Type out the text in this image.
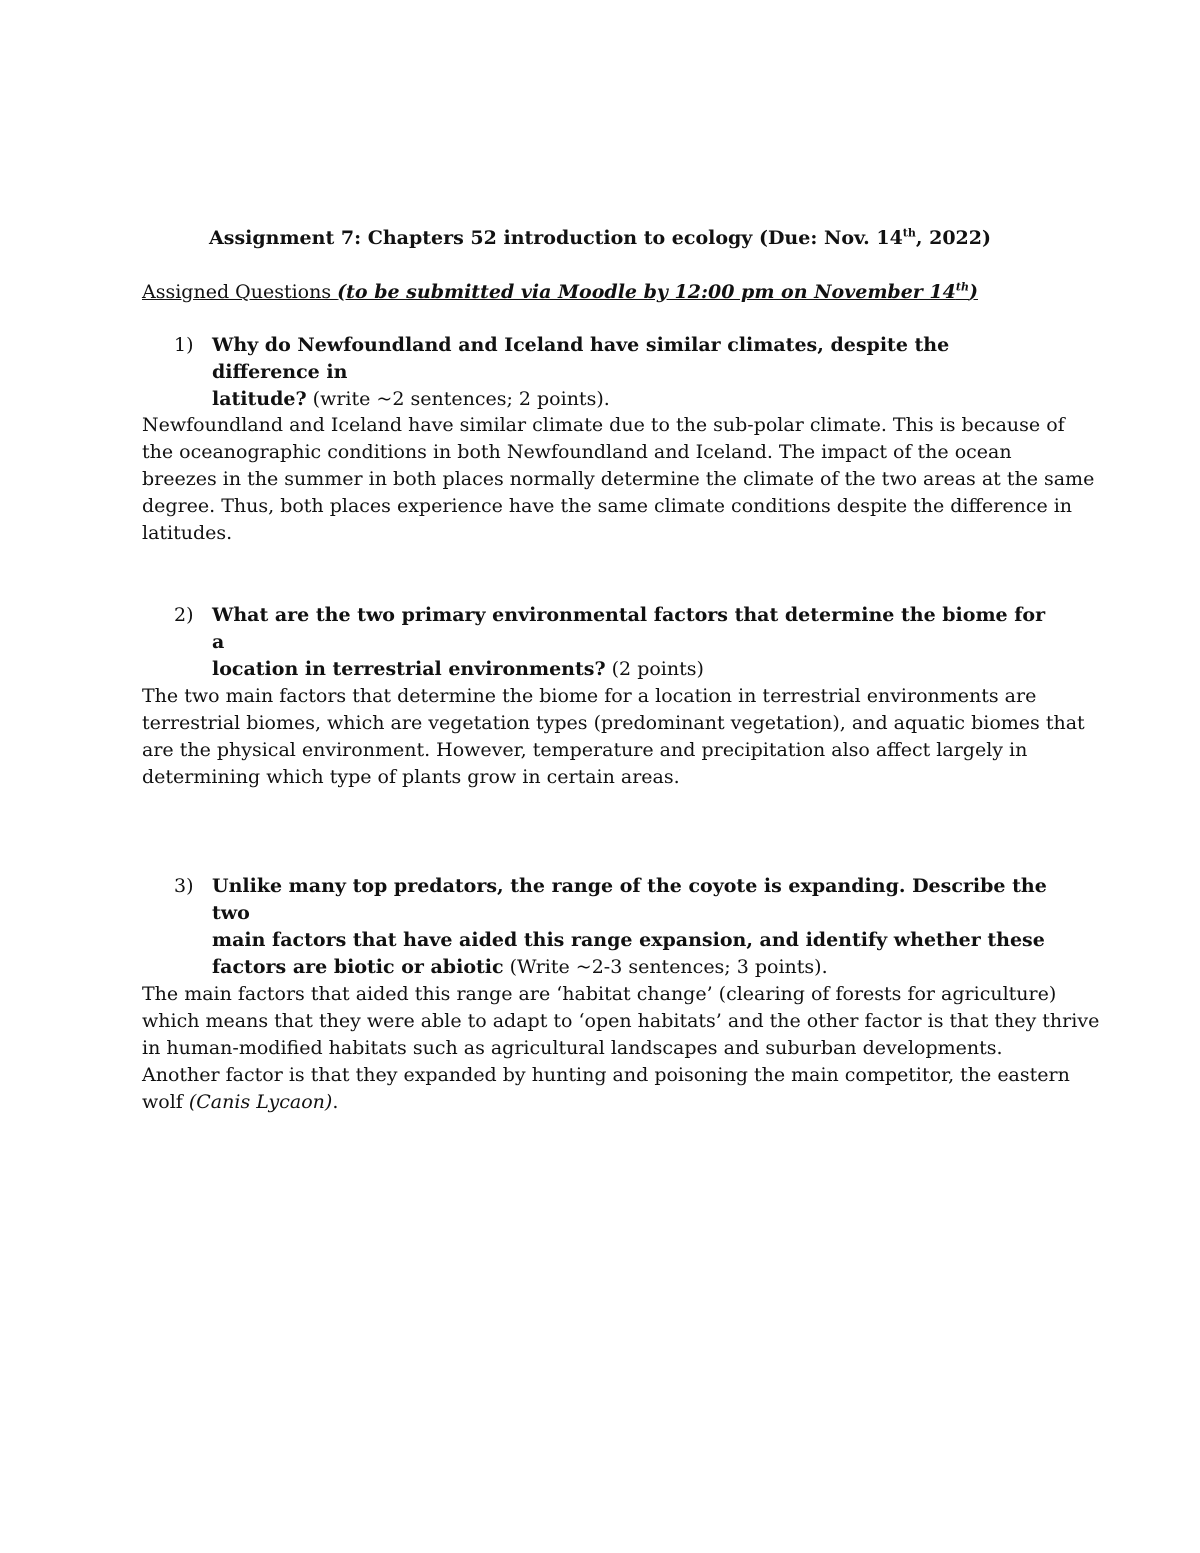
Assignment 7: Chapters 52 introduction to ecology (Due: Nov. 14th, 2022)
Assigned Questions (to be submitted via Moodle by 12:00 pm on November 14th)
1) Why do Newfoundland and Iceland have similar climates, despite the difference in
latitude? (write ~2 sentences; 2 points).
Newfoundland and Iceland have similar climate due to the sub-polar climate. This is because of
the oceanographic conditions in both Newfoundland and Iceland. The impact of the ocean
breezes in the summer in both places normally determine the climate of the two areas at the same
degree. Thus, both places experience have the same climate conditions despite the difference in
latitudes.
2) What are the two primary environmental factors that determine the biome for a
location in terrestrial environments? (2 points)
The two main factors that determine the biome for a location in terrestrial environments are
terrestrial biomes, which are vegetation types (predominant vegetation), and aquatic biomes that
are the physical environment. However, temperature and precipitation also affect largely in
determining which type of plants grow in certain areas.
3) Unlike many top predators, the range of the coyote is expanding. Describe the two
main factors that have aided this range expansion, and identify whether these
factors are biotic or abiotic (Write ~2-3 sentences; 3 points).
The main factors that aided this range are ‘habitat change’ (clearing of forests for agriculture)
which means that they were able to adapt to ‘open habitats’ and the other factor is that they thrive
in human-modified habitats such as agricultural landscapes and suburban developments.
Another factor is that they expanded by hunting and poisoning the main competitor, the eastern
wolf (Canis Lycaon).
